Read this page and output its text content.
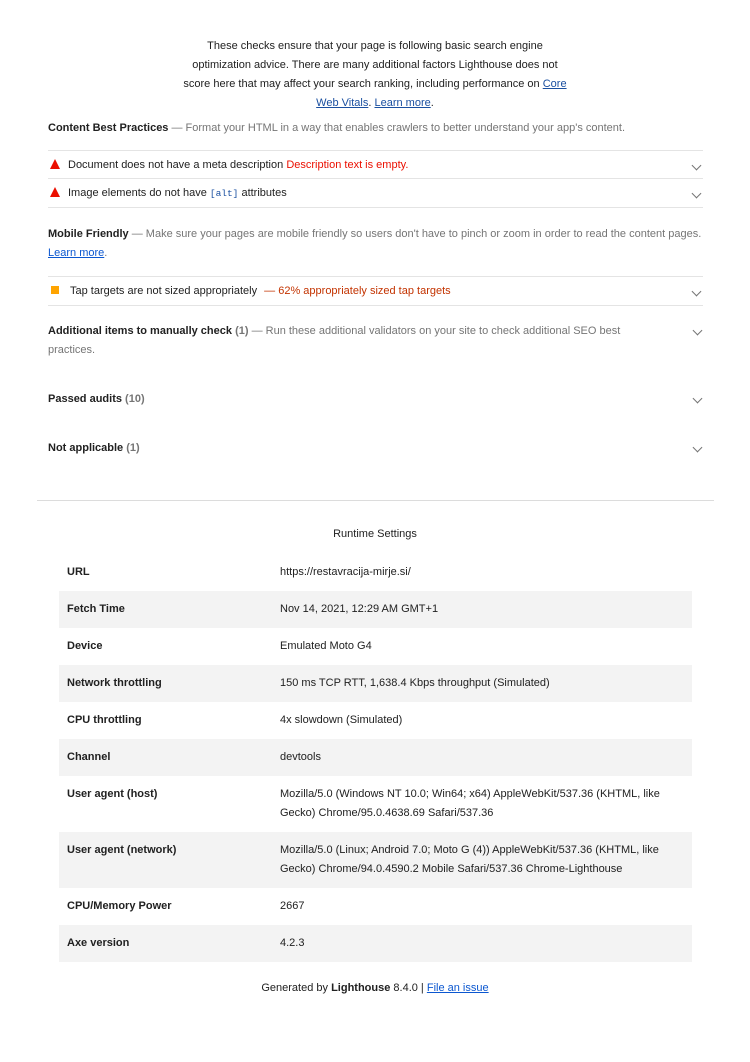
These checks ensure that your page is following basic search engine optimization advice. There are many additional factors Lighthouse does not score here that may affect your search ranking, including performance on Core Web Vitals. Learn more.
Content Best Practices — Format your HTML in a way that enables crawlers to better understand your app's content.
Document does not have a meta description Description text is empty.
Image elements do not have [alt] attributes
Mobile Friendly — Make sure your pages are mobile friendly so users don't have to pinch or zoom in order to read the content pages. Learn more.
Tap targets are not sized appropriately — 62% appropriately sized tap targets
Additional items to manually check (1) — Run these additional validators on your site to check additional SEO best practices.
Passed audits (10)
Not applicable (1)
Runtime Settings
URL	https://restavracija-mirje.si/
Fetch Time	Nov 14, 2021, 12:29 AM GMT+1
Device	Emulated Moto G4
Network throttling	150 ms TCP RTT, 1,638.4 Kbps throughput (Simulated)
CPU throttling	4x slowdown (Simulated)
Channel	devtools
User agent (host)	Mozilla/5.0 (Windows NT 10.0; Win64; x64) AppleWebKit/537.36 (KHTML, like Gecko) Chrome/95.0.4638.69 Safari/537.36
User agent (network)	Mozilla/5.0 (Linux; Android 7.0; Moto G (4)) AppleWebKit/537.36 (KHTML, like Gecko) Chrome/94.0.4590.2 Mobile Safari/537.36 Chrome-Lighthouse
CPU/Memory Power	2667
Axe version	4.2.3
Generated by Lighthouse 8.4.0 | File an issue
